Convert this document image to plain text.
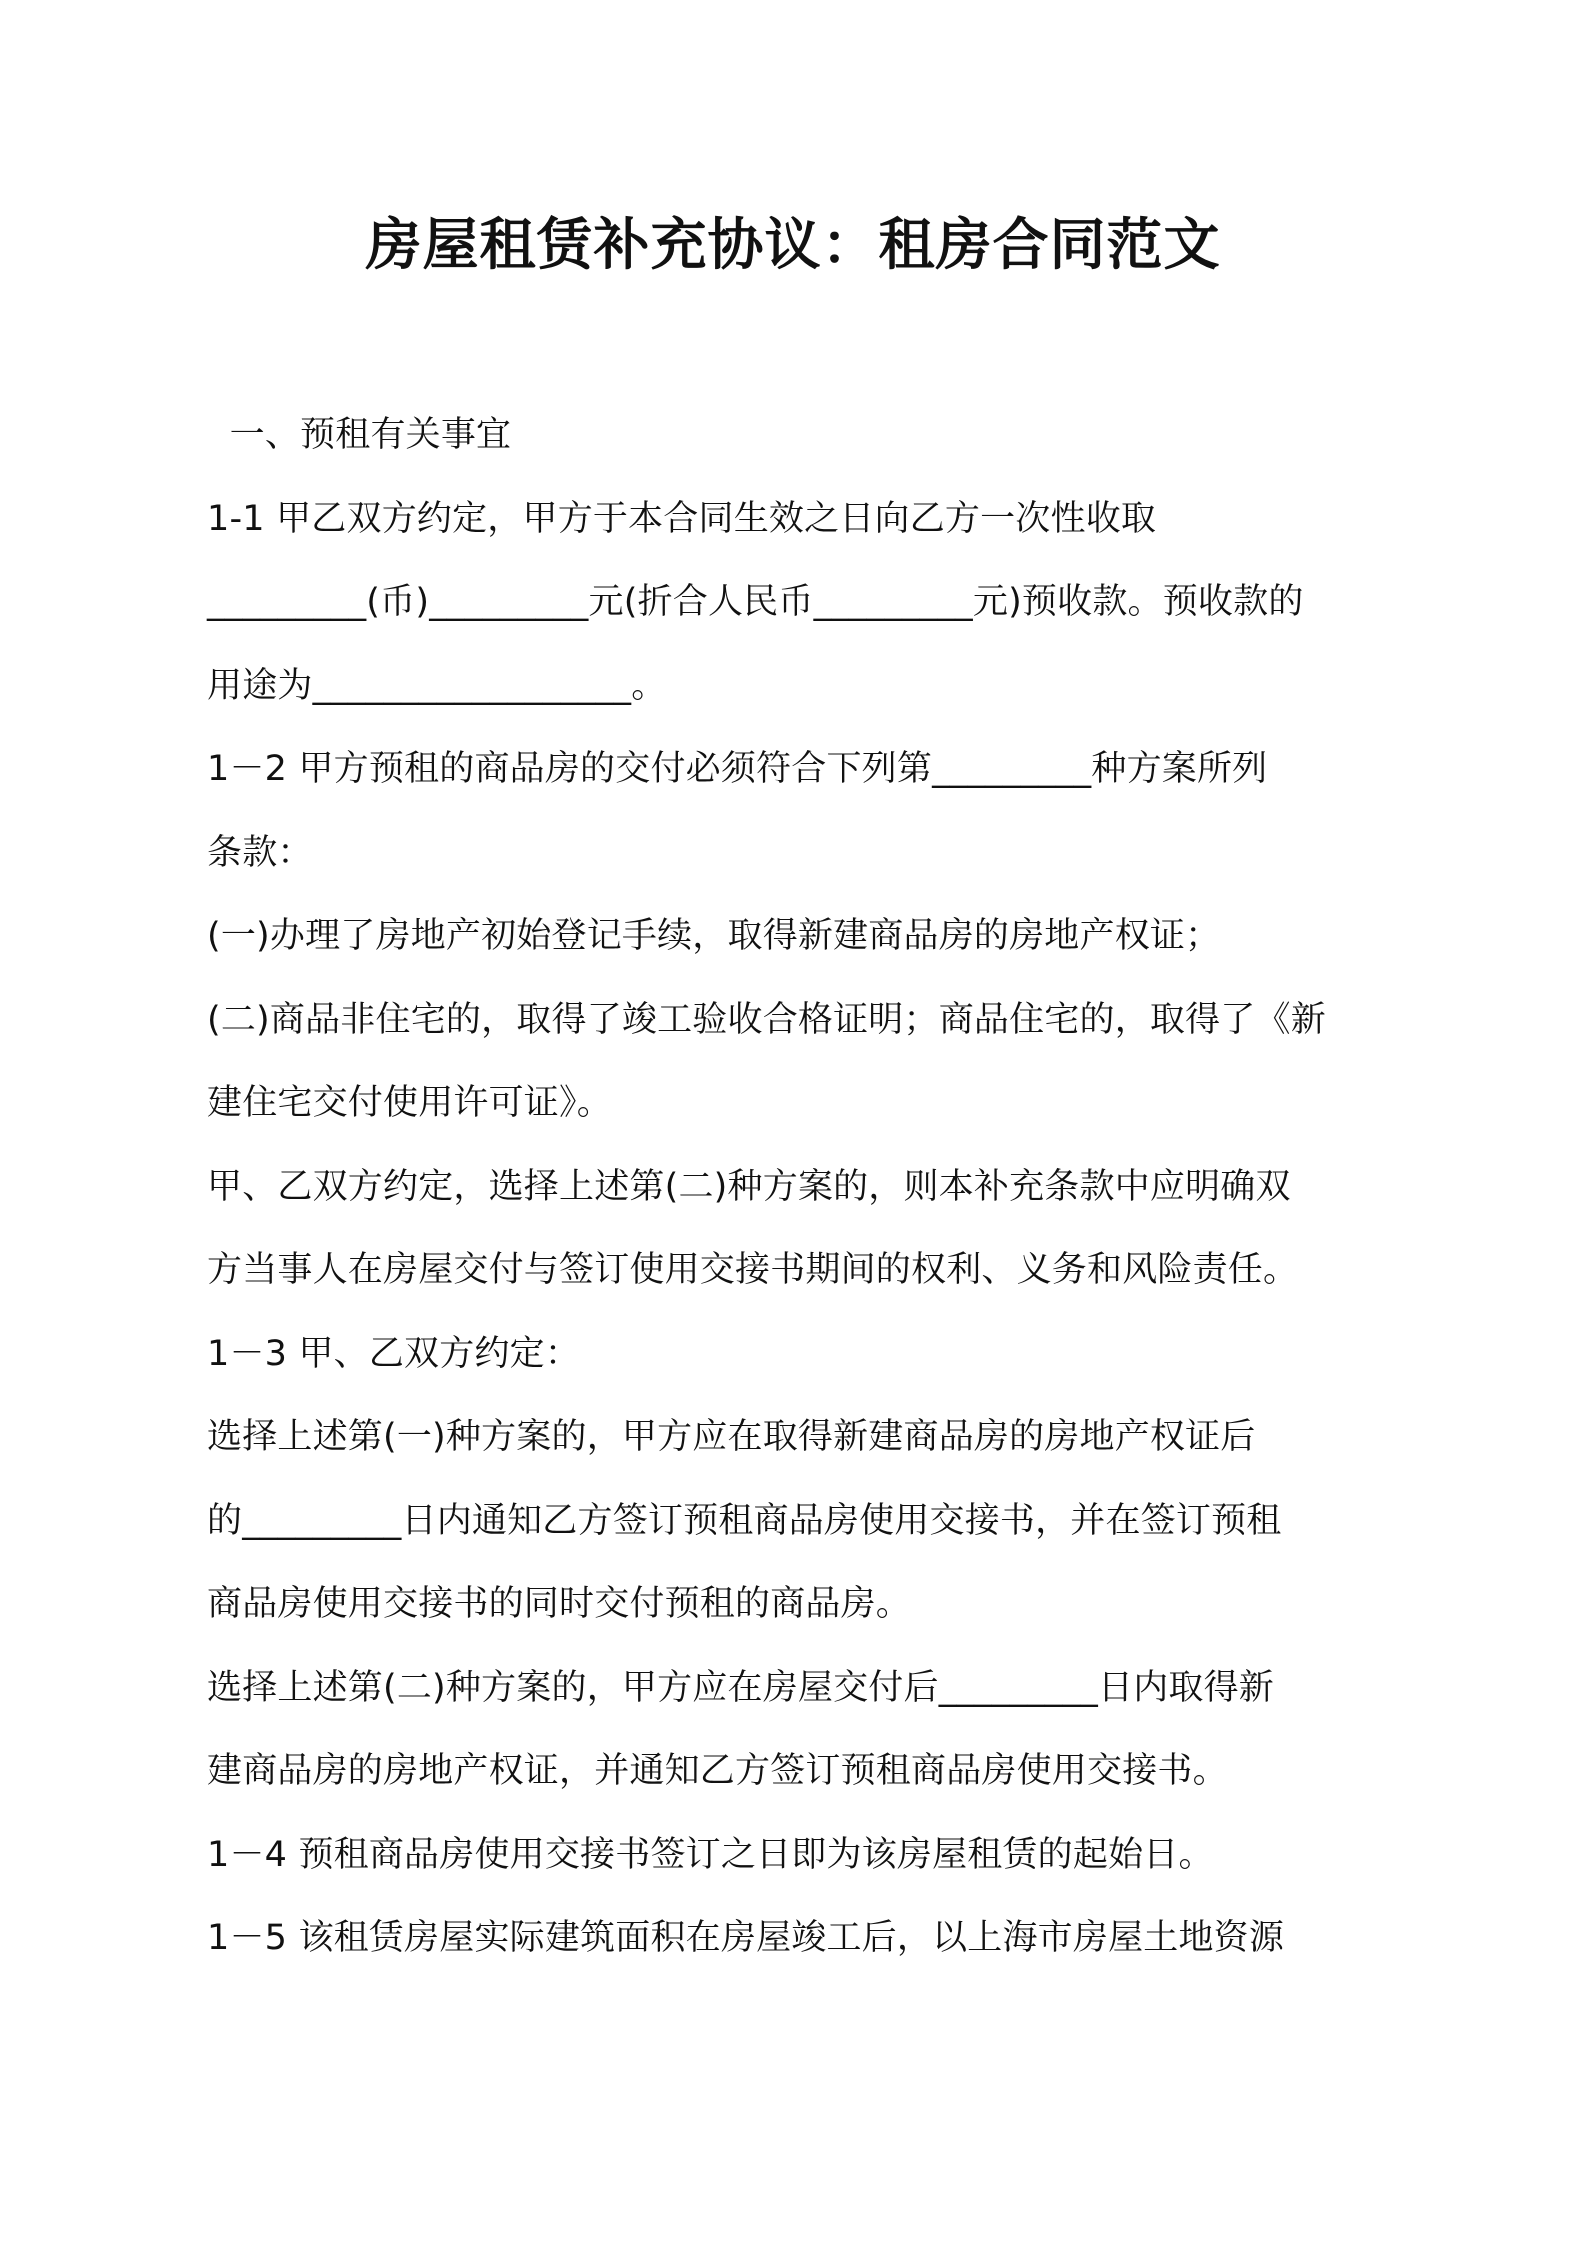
房屋租赁补充协议：租房合同范文
一、预租有关事宜
1-1 甲乙双方约定，甲方于本合同生效之日向乙方一次性收取
_________(币)_________元(折合人民币_________元)预收款。预收款的
用途为__________________。
1－2 甲方预租的商品房的交付必须符合下列第_________种方案所列
条款：
(一)办理了房地产初始登记手续，取得新建商品房的房地产权证；
(二)商品非住宅的，取得了竣工验收合格证明；商品住宅的，取得了《新
建住宅交付使用许可证》。
甲、乙双方约定，选择上述第(二)种方案的，则本补充条款中应明确双
方当事人在房屋交付与签订使用交接书期间的权利、义务和风险责任。
1－3 甲、乙双方约定：
选择上述第(一)种方案的，甲方应在取得新建商品房的房地产权证后
的_________日内通知乙方签订预租商品房使用交接书，并在签订预租
商品房使用交接书的同时交付预租的商品房。
选择上述第(二)种方案的，甲方应在房屋交付后_________日内取得新
建商品房的房地产权证，并通知乙方签订预租商品房使用交接书。
1－4 预租商品房使用交接书签订之日即为该房屋租赁的起始日。
1－5 该租赁房屋实际建筑面积在房屋竣工后，以上海市房屋土地资源
